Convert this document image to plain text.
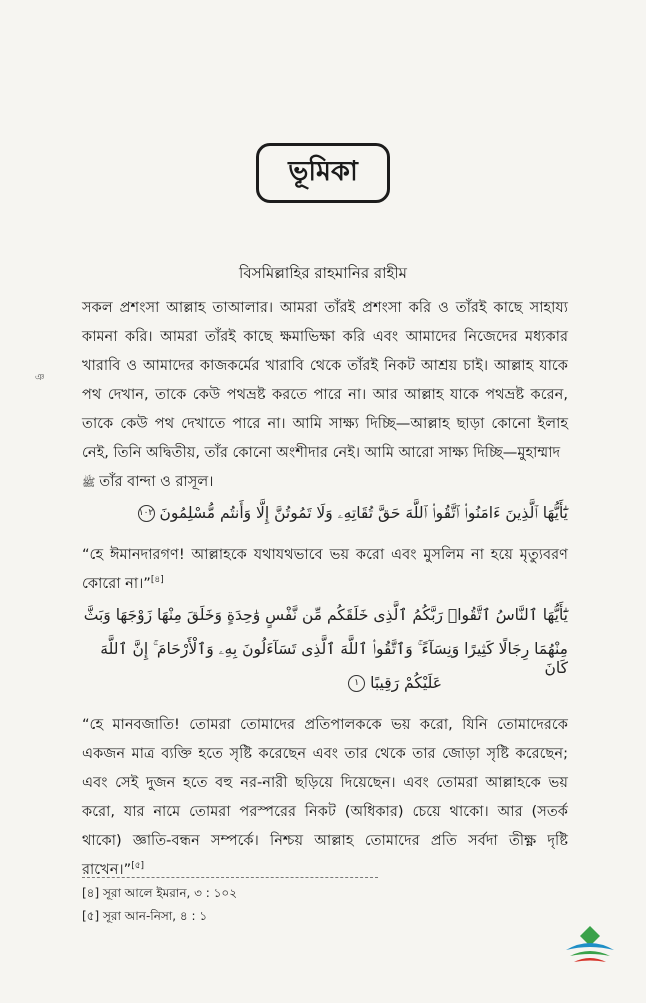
ঞ
ভূমিকা
বিসমিল্লাহির রাহমানির রাহীম
সকল প্রশংসা আল্লাহ তাআলার। আমরা তাঁরই প্রশংসা করি ও তাঁরই কাছে সাহায্য কামনা করি। আমরা তাঁরই কাছে ক্ষমাভিক্ষা করি এবং আমাদের নিজেদের মধ্যকার খারাবি ও আমাদের কাজকর্মের খারাবি থেকে তাঁরই নিকট আশ্রয় চাই। আল্লাহ যাকে পথ দেখান, তাকে কেউ পথভ্রষ্ট করতে পারে না। আর আল্লাহ যাকে পথভ্রষ্ট করেন, তাকে কেউ পথ দেখাতে পারে না। আমি সাক্ষ্য দিচ্ছি—আল্লাহ ছাড়া কোনো ইলাহ নেই, তিনি অদ্বিতীয়, তাঁর কোনো অংশীদার নেই। আমি আরো সাক্ষ্য দিচ্ছি—মুহাম্মাদ
ﷺ তাঁর বান্দা ও রাসূল।
يَٰٓأَيُّهَا ٱلَّذِينَ ءَامَنُوا۟ ٱتَّقُوا۟ ٱللَّهَ حَقَّ تُقَاتِهِۦ وَلَا تَمُوتُنَّ إِلَّا وَأَنتُم مُّسْلِمُونَ ١٠٢
“হে ঈমানদারগণ! আল্লাহকে যথাযথভাবে ভয় করো এবং মুসলিম না হয়ে মৃত্যুবরণ কোরো না।”[৪]
يَٰٓأَيُّهَا ٱلنَّاسُ ٱتَّقُوا۟ رَبَّكُمُ ٱلَّذِى خَلَقَكُم مِّن نَّفْسٍ وَٰحِدَةٍ وَخَلَقَ مِنْهَا زَوْجَهَا وَبَثَّ
مِنْهُمَا رِجَالًا كَثِيرًا وَنِسَآءً ۚ وَٱتَّقُوا۟ ٱللَّهَ ٱلَّذِى تَسَآءَلُونَ بِهِۦ وَٱلْأَرْحَامَ ۚ إِنَّ ٱللَّهَ كَانَ
عَلَيْكُمْ رَقِيبًا ١
“হে মানবজাতি! তোমরা তোমাদের প্রতিপালককে ভয় করো, যিনি তোমাদেরকে একজন মাত্র ব্যক্তি হতে সৃষ্টি করেছেন এবং তার থেকে তার জোড়া সৃষ্টি করেছেন; এবং সেই দুজন হতে বহু নর-নারী ছড়িয়ে দিয়েছেন। এবং তোমরা আল্লাহকে ভয় করো, যার নামে তোমরা পরস্পরের নিকট (অধিকার) চেয়ে থাকো। আর (সতর্ক থাকো) জ্ঞাতি-বন্ধন সম্পর্কে। নিশ্চয় আল্লাহ তোমাদের প্রতি সর্বদা তীক্ষ্ণ দৃষ্টি রাখেন।”[৫]
[৪] সূরা আলে ইমরান, ৩ : ১০২
[৫] সূরা আন-নিসা, ৪ : ১
